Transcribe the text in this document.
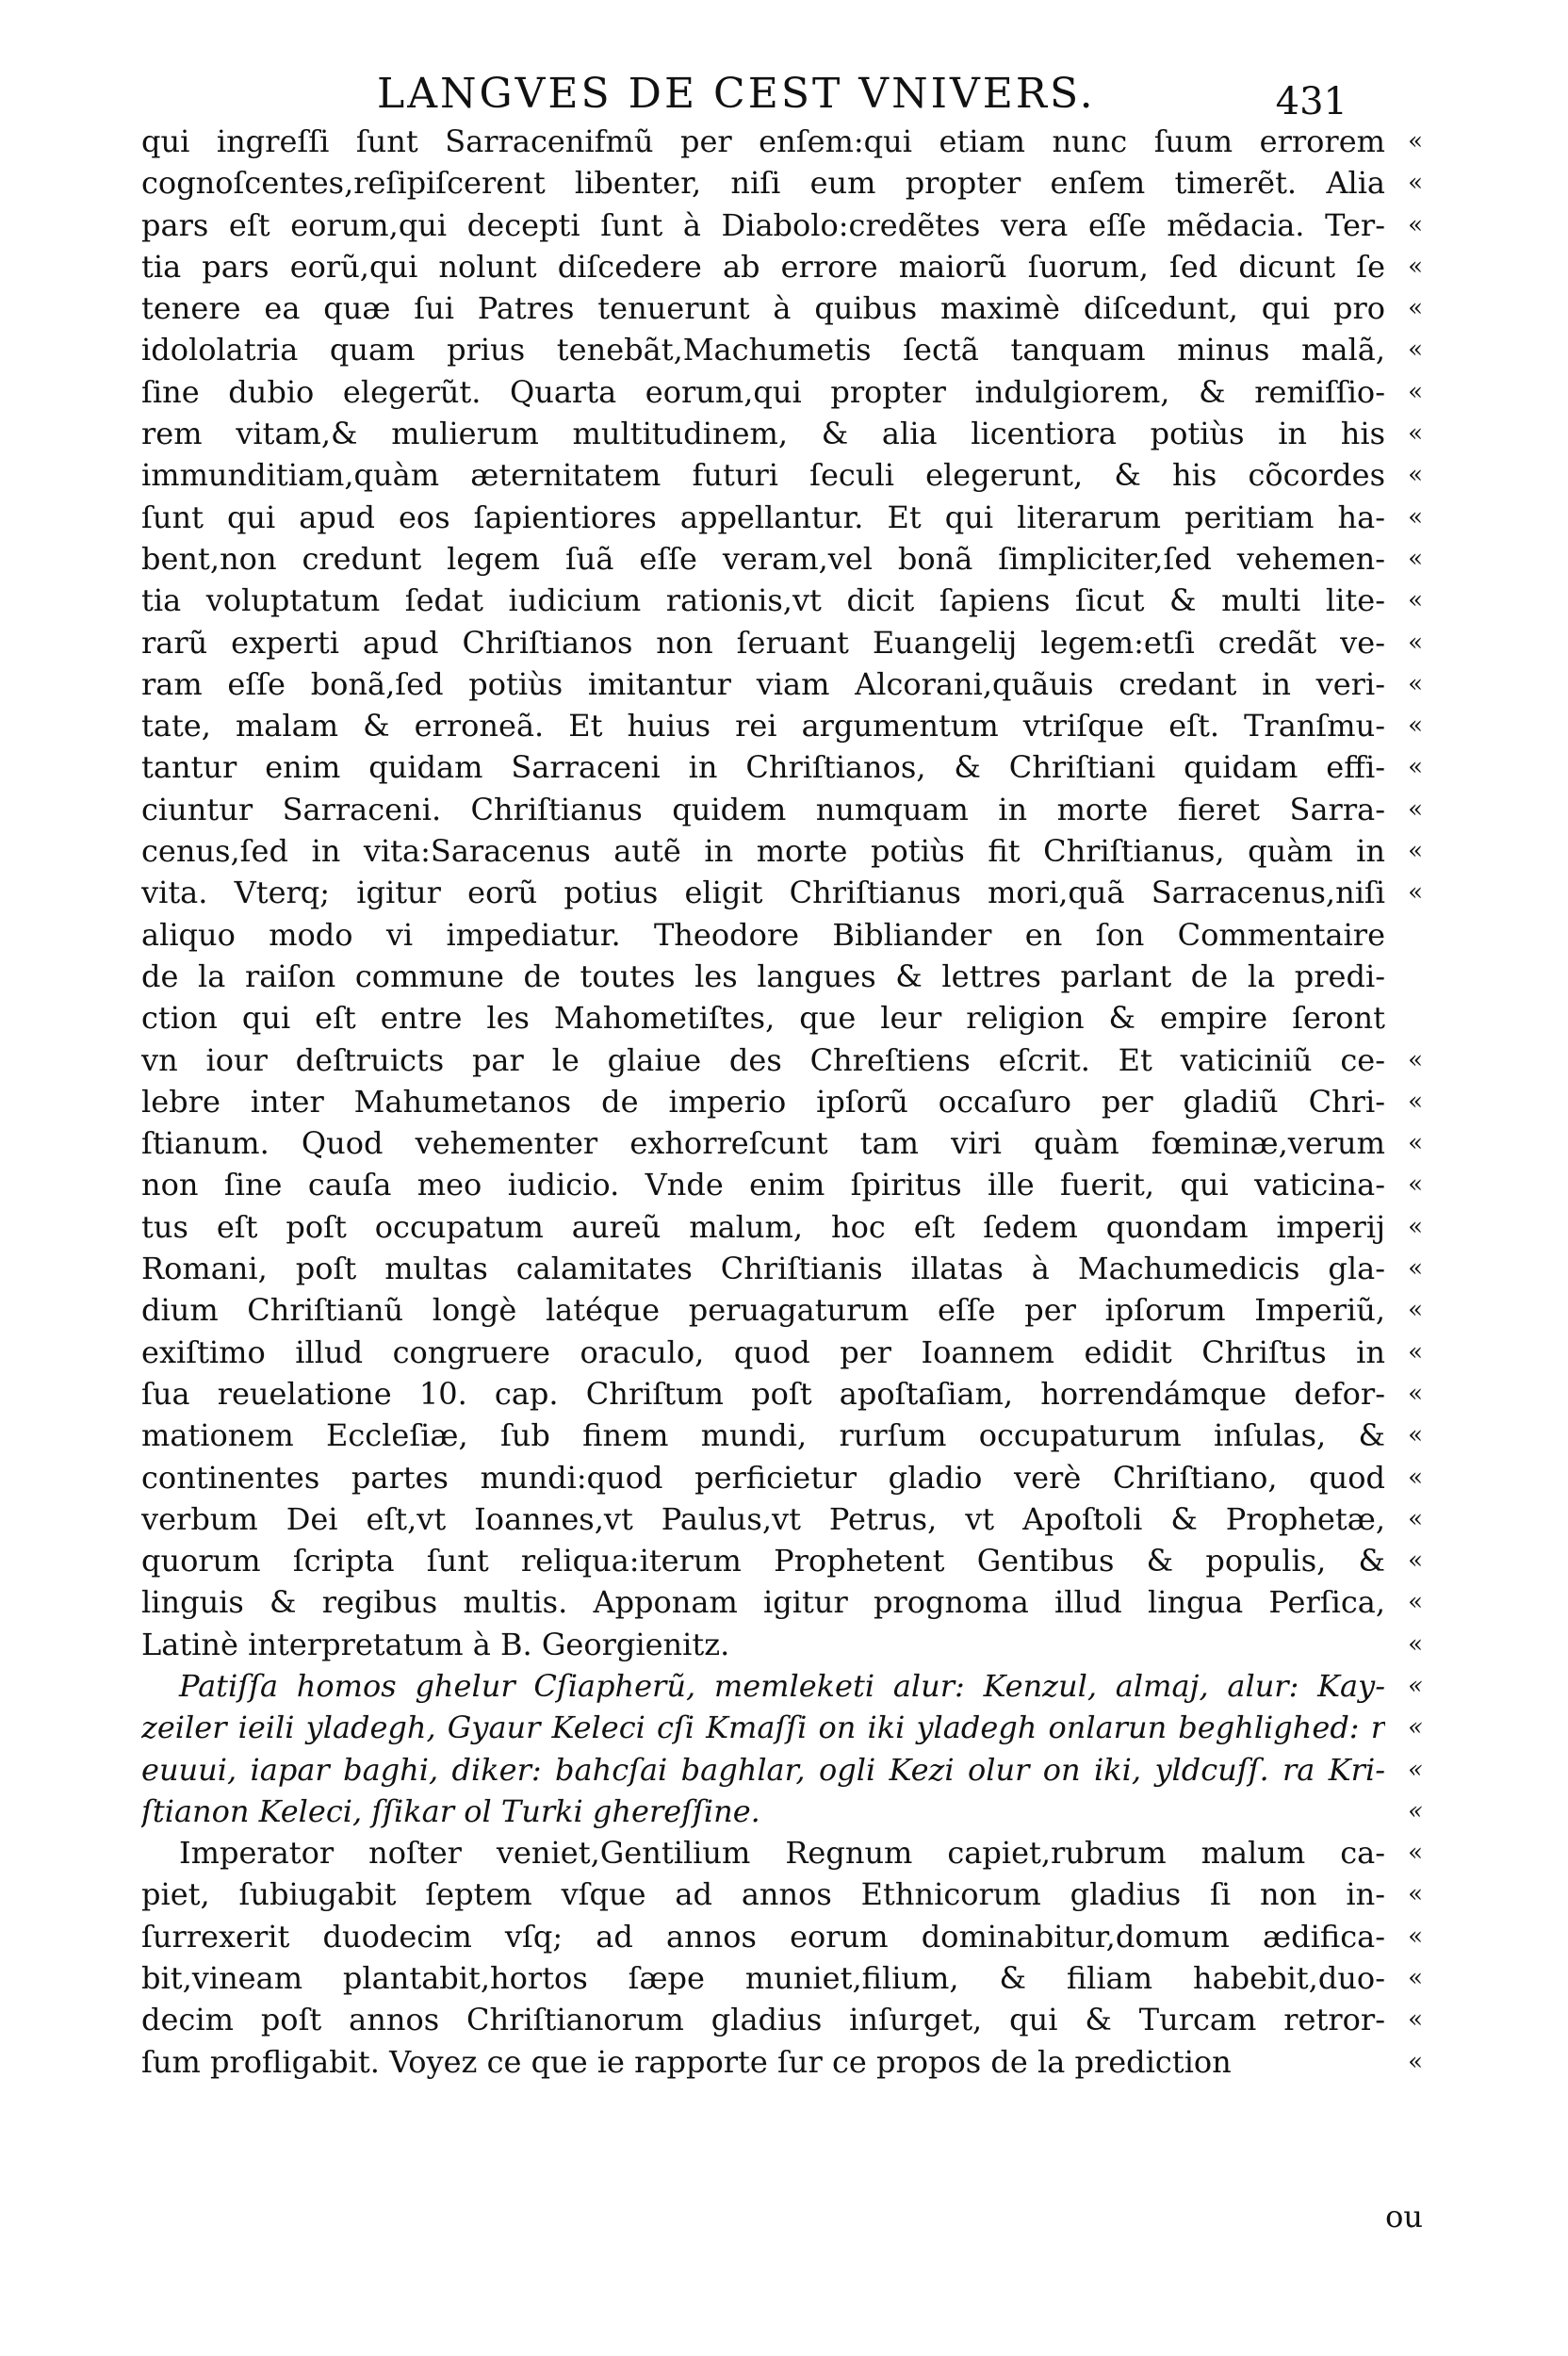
LANGVES DE CEST VNIVERS.	431
qui ingreſſi ſunt Sarracenifmũ per enſem:qui etiam nunc ſuum errorem «
cognoſcentes,reſipiſcerent libenter, niſi eum propter enſem timerẽt. Alia «
pars eſt eorum,qui decepti ſunt à Diabolo:credẽtes vera eſſe mẽdacia. Ter- «
tia pars eorũ,qui nolunt diſcedere ab errore maiorũ ſuorum, ſed dicunt ſe «
tenere ea quæ ſui Patres tenuerunt à quibus maximè diſcedunt, qui pro «
idololatria quam prius tenebãt,Machumetis ſectã tanquam minus malã, «
ſine dubio elegerũt. Quarta eorum,qui propter indulgiorem, & remiſſio- «
rem vitam,& mulierum multitudinem, & alia licentiora potiùs in his «
immunditiam,quàm æternitatem futuri ſeculi elegerunt, & his cõcordes «
ſunt qui apud eos ſapientiores appellantur. Et qui literarum peritiam ha- «
bent,non credunt legem ſuã eſſe veram,vel bonã ſimpliciter,ſed vehemen- «
tia voluptatum ſedat iudicium rationis,vt dicit ſapiens ſicut & multi lite- «
rarũ experti apud Chriſtianos non ſeruant Euangelij legem:etſi credãt ve- «
ram eſſe bonã,ſed potiùs imitantur viam Alcorani,quãuis credant in veri- «
tate, malam & erroneã. Et huius rei argumentum vtriſque eſt. Tranſmu- «
tantur enim quidam Sarraceni in Chriſtianos, & Chriſtiani quidam effi- «
ciuntur Sarraceni. Chriſtianus quidem numquam in morte fieret Sarra- «
cenus,ſed in vita:Saracenus autẽ in morte potiùs fit Chriſtianus, quàm in «
vita. Vterq; igitur eorũ potius eligit Chriſtianus mori,quã Sarracenus,niſi «
aliquo modo vi impediatur. Theodore Bibliander en ſon Commentaire
de la raiſon commune de toutes les langues & lettres parlant de la predi-
ction qui eſt entre les Mahometiſtes, que leur religion & empire ſeront
vn iour deſtruicts par le glaiue des Chreſtiens eſcrit. Et vaticiniũ ce- «
lebre inter Mahumetanos de imperio ipſorũ occaſuro per gladiũ Chri- «
ſtianum. Quod vehementer exhorreſcunt tam viri quàm fœminæ,verum «
non ſine cauſa meo iudicio. Vnde enim ſpiritus ille fuerit, qui vaticina- «
tus eſt poſt occupatum aureũ malum, hoc eſt ſedem quondam imperij «
Romani, poſt multas calamitates Chriſtianis illatas à Machumedicis gla- «
dium Chriſtianũ longè latéque peruagaturum eſſe per ipſorum Imperiũ, «
exiſtimo illud congruere oraculo, quod per Ioannem edidit Chriſtus in «
ſua reuelatione 10. cap. Chriſtum poſt apoſtaſiam, horrendámque defor- «
mationem Eccleſiæ, ſub finem mundi, rurſum occupaturum inſulas, & «
continentes partes mundi:quod perficietur gladio verè Chriſtiano, quod «
verbum Dei eſt,vt Ioannes,vt Paulus,vt Petrus, vt Apoſtoli & Prophetæ, «
quorum ſcripta ſunt reliqua:iterum Prophetent Gentibus & populis, & «
linguis & regibus multis. Apponam igitur prognoma illud lingua Perſica, «
Latinè interpretatum à B. Georgienitz.	«
Patiſſa homos ghelur Cſiapherũ, memleketi alur: Kenzul, almaj, alur: Kay- «
zeiler ieili yladegh, Gyaur Keleci cſi Kmaſſi on iki yladegh onlarun beghlighed: r «
euuui, iapar baghi, diker: bahcſai baghlar, ogli Kezi olur on iki, yldcuſſ. ra Kri- «
ſtianon Keleci, ſſikar ol Turki ghereſſine.	«
Imperator noſter veniet,Gentilium Regnum capiet,rubrum malum ca- «
piet, ſubiugabit ſeptem vſque ad annos Ethnicorum gladius ſi non in- «
ſurrexerit duodecim vſq; ad annos eorum dominabitur,domum ædifica- «
bit,vineam plantabit,hortos ſæpe muniet,filium, & filiam habebit,duo- «
decim poſt annos Chriſtianorum gladius inſurget, qui & Turcam retror- «
ſum profligabit. Voyez ce que ie rapporte ſur ce propos de la prediction	«
ou
